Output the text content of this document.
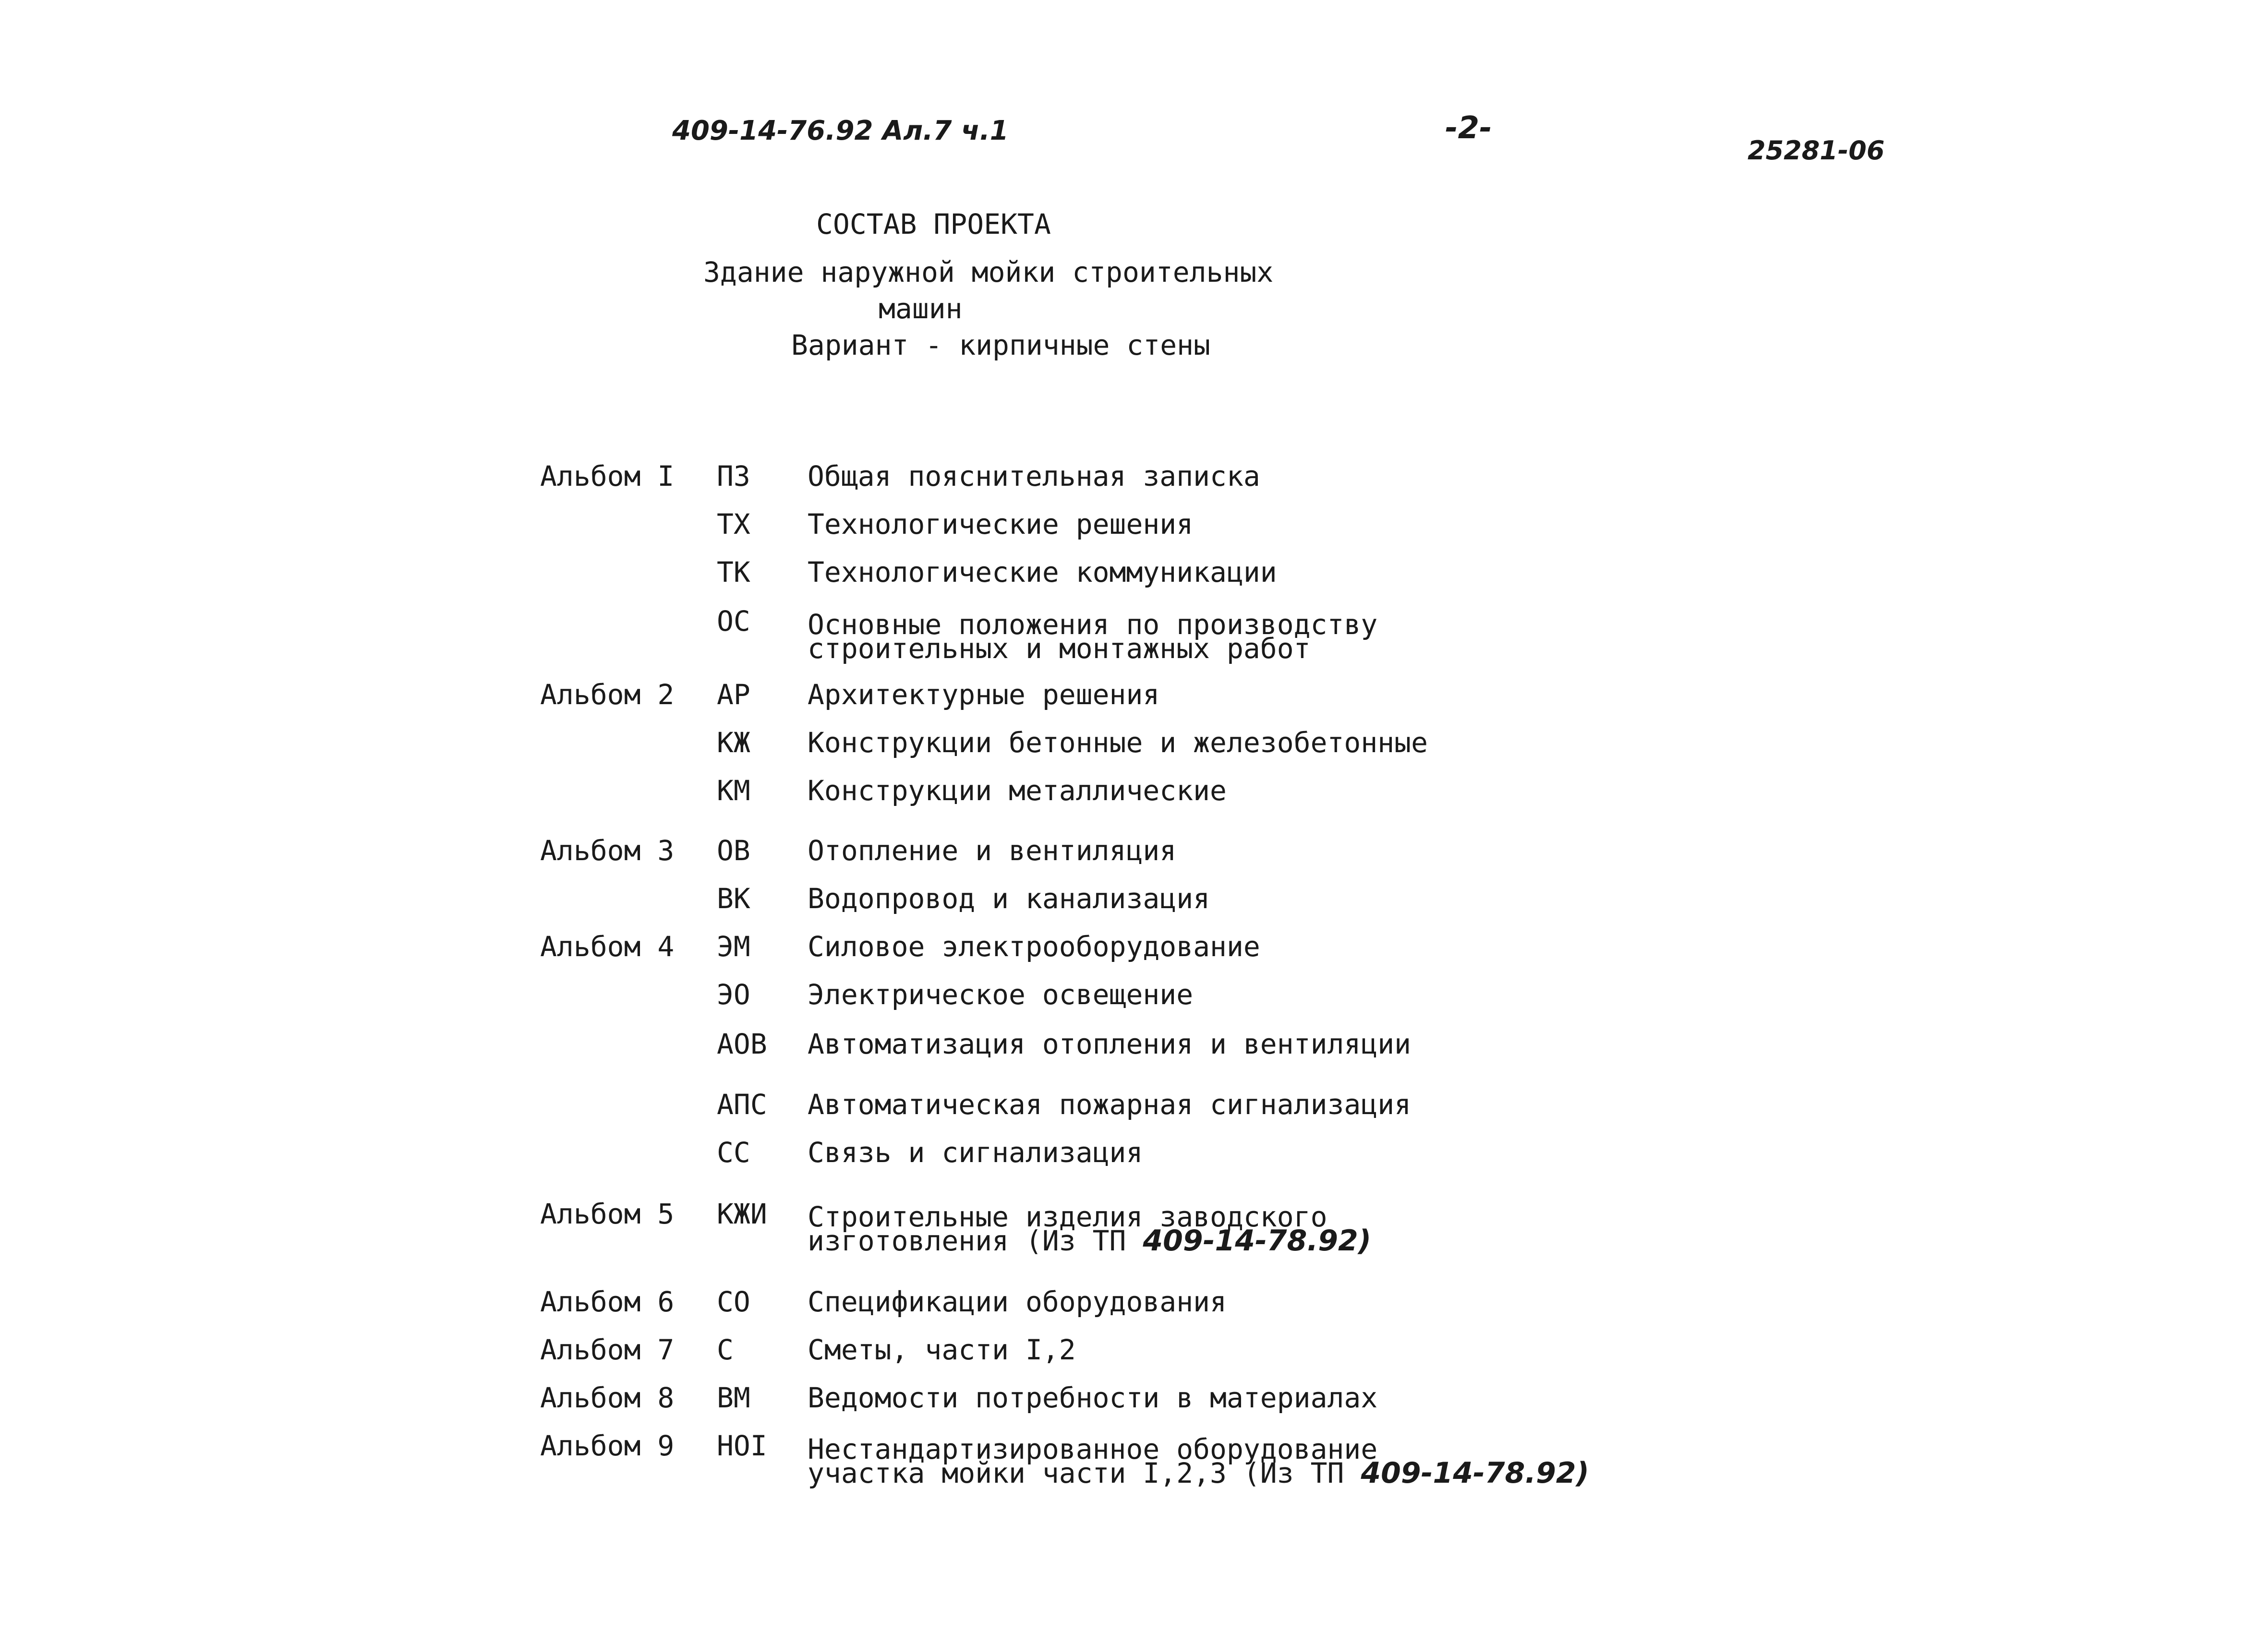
409-14-76.92 Ал.7 ч.1	-2-
25281-06
СОСТАВ ПРОЕКТА
Здание наружной мойки строительных
машин
Вариант - кирпичные стены
Альбом I ПЗ Общая пояснительная записка
ТХ Технологические решения
ТК Технологические коммуникации
ОС Основные положения по производству
строительных и монтажных работ
Альбом 2 АР Архитектурные решения
КЖ Конструкции бетонные и железобетонные
КМ Конструкции металлические
Альбом 3 ОВ Отопление и вентиляция
ВК Водопровод и канализация
Альбом 4 ЭМ Силовое электрооборудование
ЭО Электрическое освещение
АОВ Автоматизация отопления и вентиляции
АПС Автоматическая пожарная сигнализация
СС Связь и сигнализация
Альбом 5 КЖИ Строительные изделия заводского
изготовления (Из ТП 409-14-78.92)
Альбом 6 СО Спецификации оборудования
Альбом 7 С	Сметы, части I,2
Альбом 8 ВМ Ведомости потребности в материалах
Альбом 9 НОI Нестандартизированное оборудование
участка мойки части I,2,3 (Из ТП 409-14-78.92)
